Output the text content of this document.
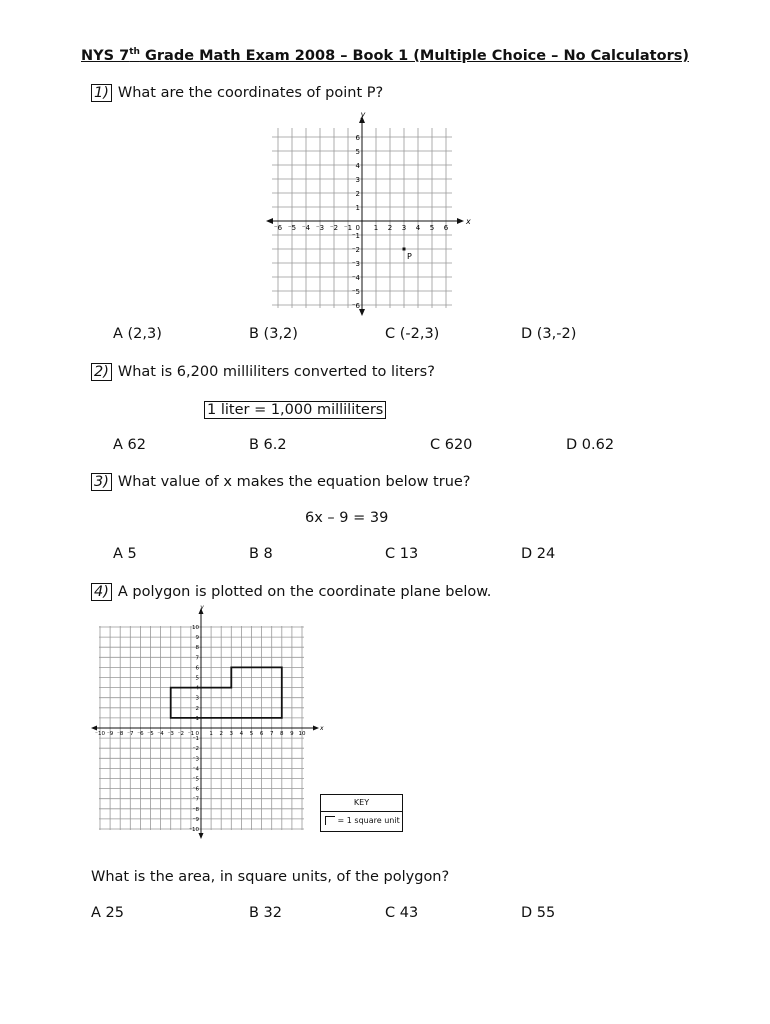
NYS 7th Grade Math Exam 2008 – Book 1 (Multiple Choice – No Calculators)
1) What are the coordinates of point P?
⁻6
⁻6
⁻5
⁻5
⁻4
⁻4
⁻3
⁻3
⁻2
⁻2
⁻1
⁻1
1
1
2
2
3
3
4
4
5
5
6
6
0
x
y
P
A (2,3)	B (3,2)	C (-2,3)	D (3,-2)
2) What is 6,200 milliliters converted to liters?
1 liter = 1,000 milliliters
A 62	B 6.2	C 620	D 0.62
3) What value of x makes the equation below true?
6x – 9 = 39
A 5	B 8	C 13	D 24
4) A polygon is plotted on the coordinate plane below.
⁻10
⁻10
⁻9
⁻9
⁻8
⁻8
⁻7
⁻7
⁻6
⁻6
⁻5
⁻5
⁻4
⁻4
⁻3
⁻3
⁻2
⁻2
⁻1
⁻1
1
1
2
2
3
3
4
4
5
5
6
6
7
7
8
8
9
9
10
10
0
x
y
KEY
= 1 square unit
What is the area, in square units, of the polygon?
A 25	B 32	C 43	D 55
